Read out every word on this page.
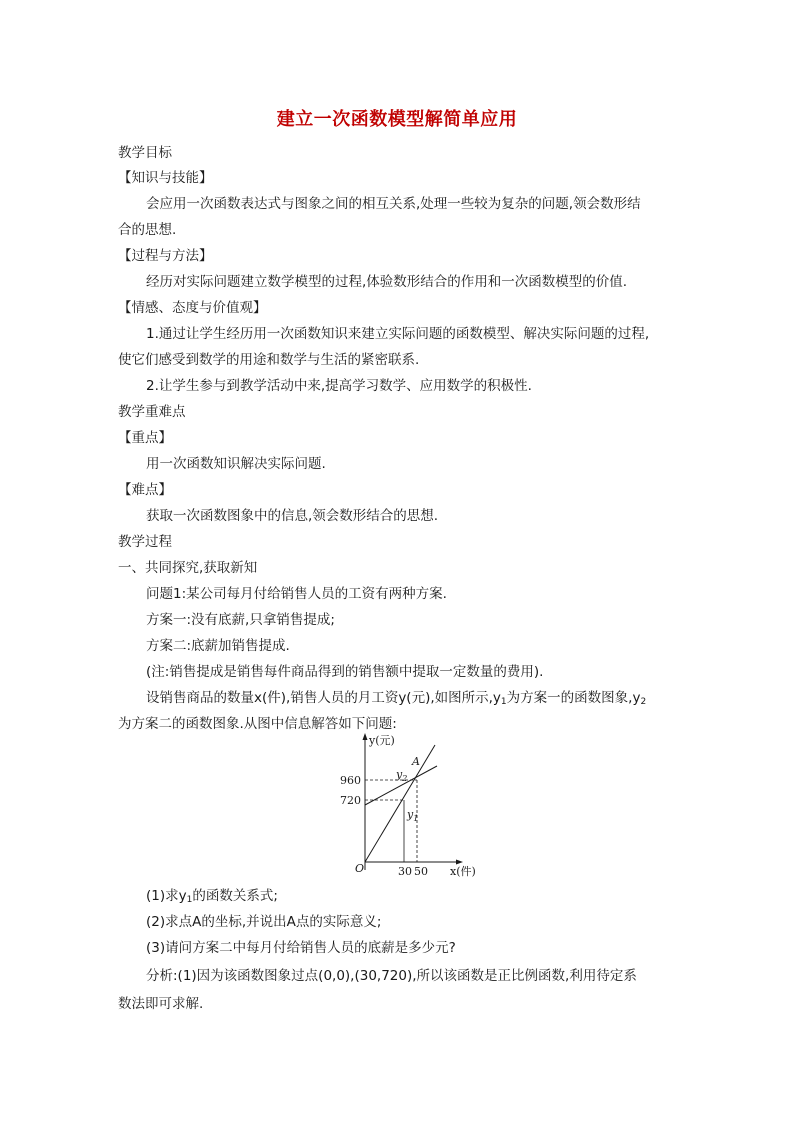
建立一次函数模型解简单应用
教学目标
【知识与技能】
会应用一次函数表达式与图象之间的相互关系,处理一些较为复杂的问题,领会数形结
合的思想.
【过程与方法】
经历对实际问题建立数学模型的过程,体验数形结合的作用和一次函数模型的价值.
【情感、态度与价值观】
1.通过让学生经历用一次函数知识来建立实际问题的函数模型、解决实际问题的过程,
使它们感受到数学的用途和数学与生活的紧密联系.
2.让学生参与到教学活动中来,提高学习数学、应用数学的积极性.
教学重难点
【重点】
用一次函数知识解决实际问题.
【难点】
获取一次函数图象中的信息,领会数形结合的思想.
教学过程
一、共同探究,获取新知
问题1:某公司每月付给销售人员的工资有两种方案.
方案一:没有底薪,只拿销售提成;
方案二:底薪加销售提成.
(注:销售提成是销售每件商品得到的销售额中提取一定数量的费用).
设销售商品的数量x(件),销售人员的月工资y(元),如图所示$,y_1$为方案一的函数图象$,y_2$
为方案二的函数图象.从图中信息解答如下问题:
y(元)
x(件)
O
A
960
720
30 50
$y_2$
$y_1$
(1)求$y_1$的函数关系式;
(2)求点A的坐标,并说出A点的实际意义;
(3)请问方案二中每月付给销售人员的底薪是多少元?
分析:(1)因为该函数图象过点(0,0),(30,720),所以该函数是正比例函数,利用待定系
数法即可求解.
